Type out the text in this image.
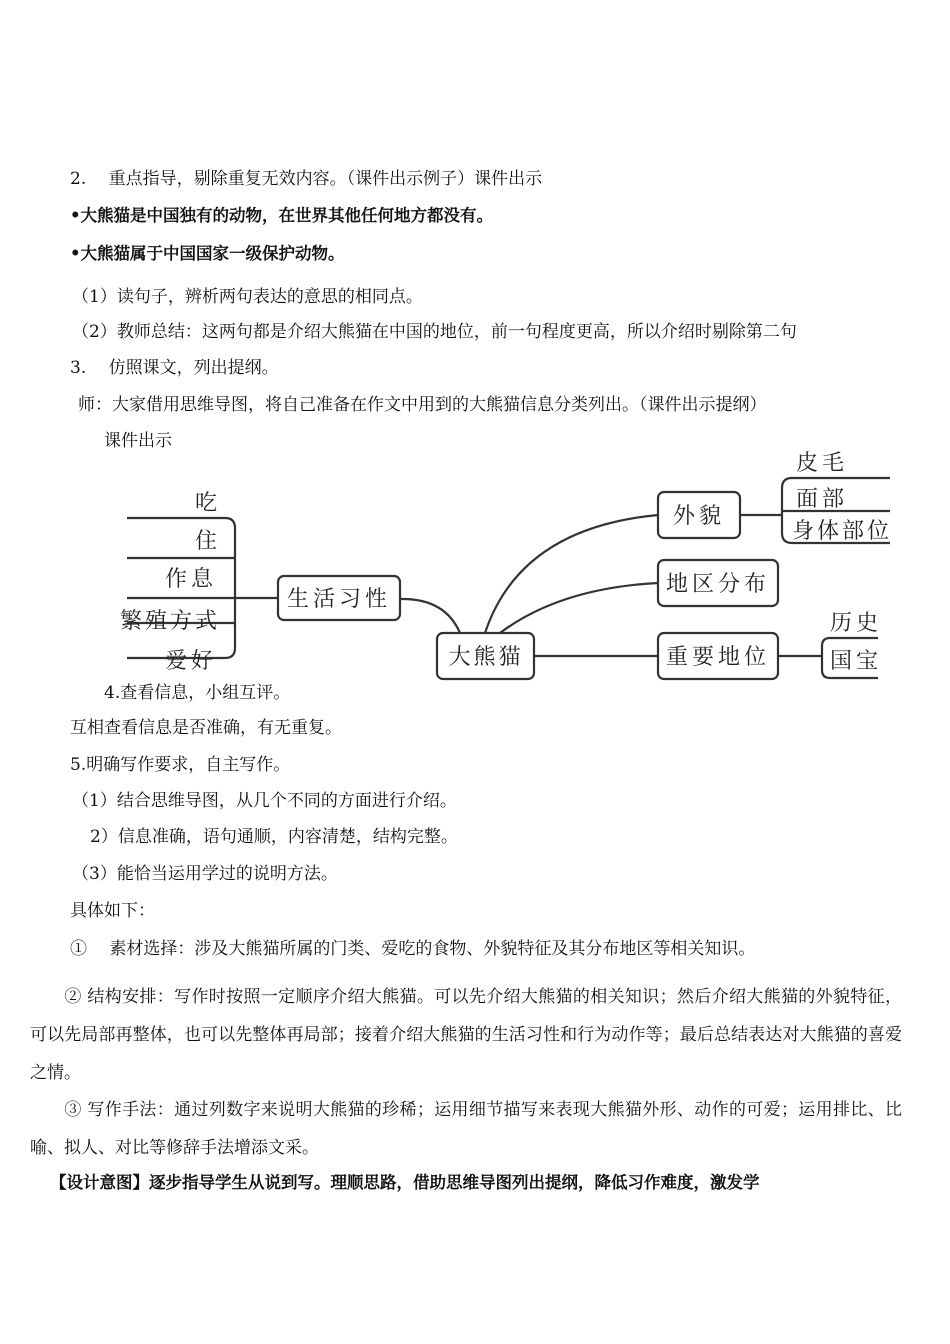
2.　 重点指导，剔除重复无效内容。（课件出示例子）课件出示
•大熊猫是中国独有的动物，在世界其他任何地方都没有。
•大熊猫属于中国国家一级保护动物。
（1）读句子，辨析两句表达的意思的相同点。
（2）教师总结：这两句都是介绍大熊猫在中国的地位，前一句程度更高，所以介绍时剔除第二句
3.　 仿照课文，列出提纲。
师：大家借用思维导图，将自己准备在作文中用到的大熊猫信息分类列出。（课件出示提纲）
课件出示
大熊猫
生活习性
外貌
地区分布
重要地位
吃
住
作息
繁殖方式
爱好
皮毛
面部
身体部位
历史
国宝
4.查看信息，小组互评。
互相查看信息是否准确，有无重复。
5.明确写作要求，自主写作。
（1）结合思维导图，从几个不同的方面进行介绍。
2）信息准确，语句通顺，内容清楚，结构完整。
（3）能恰当运用学过的说明方法。
具体如下：
①　 素材选择：涉及大熊猫所属的门类、爱吃的食物、外貌特征及其分布地区等相关知识。
② 结构安排：写作时按照一定顺序介绍大熊猫。可以先介绍大熊猫的相关知识；然后介绍大熊猫的外貌特征，可以先局部再整体，也可以先整体再局部；接着介绍大熊猫的生活习性和行为动作等；最后总结表达对大熊猫的喜爱之情。
③ 写作手法：通过列数字来说明大熊猫的珍稀；运用细节描写来表现大熊猫外形、动作的可爱；运用排比、比喻、拟人、对比等修辞手法增添文采。
【设计意图】逐步指导学生从说到写。理顺思路，借助思维导图列出提纲，降低习作难度，激发学
